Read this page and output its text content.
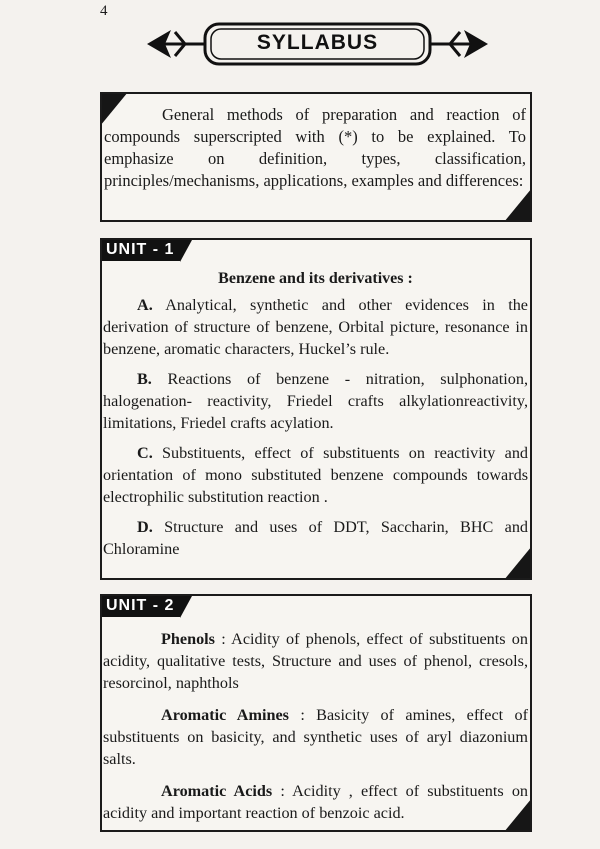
4
SYLLABUS

General methods of preparation and reaction of compounds superscripted with (*) to be explained. To emphasize on definition, types, classification, principles/mechanisms, applications, examples and differences:

UNIT - 1
Benzene and its derivatives :
A. Analytical, synthetic and other evidences in the derivation of structure of benzene, Orbital picture, resonance in benzene, aromatic characters, Huckel’s rule.
B. Reactions of benzene - nitration, sulphonation, halogenation- reactivity, Friedel crafts alkylationreactivity, limitations, Friedel crafts acylation.
C. Substituents, effect of substituents on reactivity and orientation of mono substituted benzene compounds towards electrophilic substitution reaction .
D. Structure and uses of DDT, Saccharin, BHC and Chloramine
UNIT - 2
Phenols : Acidity of phenols, effect of substituents on acidity, qualitative tests, Structure and uses of phenol, cresols, resorcinol, naphthols
Aromatic Amines : Basicity of amines, effect of substituents on basicity, and synthetic uses of aryl diazonium salts.
Aromatic Acids : Acidity , effect of substituents on acidity and important reaction of benzoic acid.
